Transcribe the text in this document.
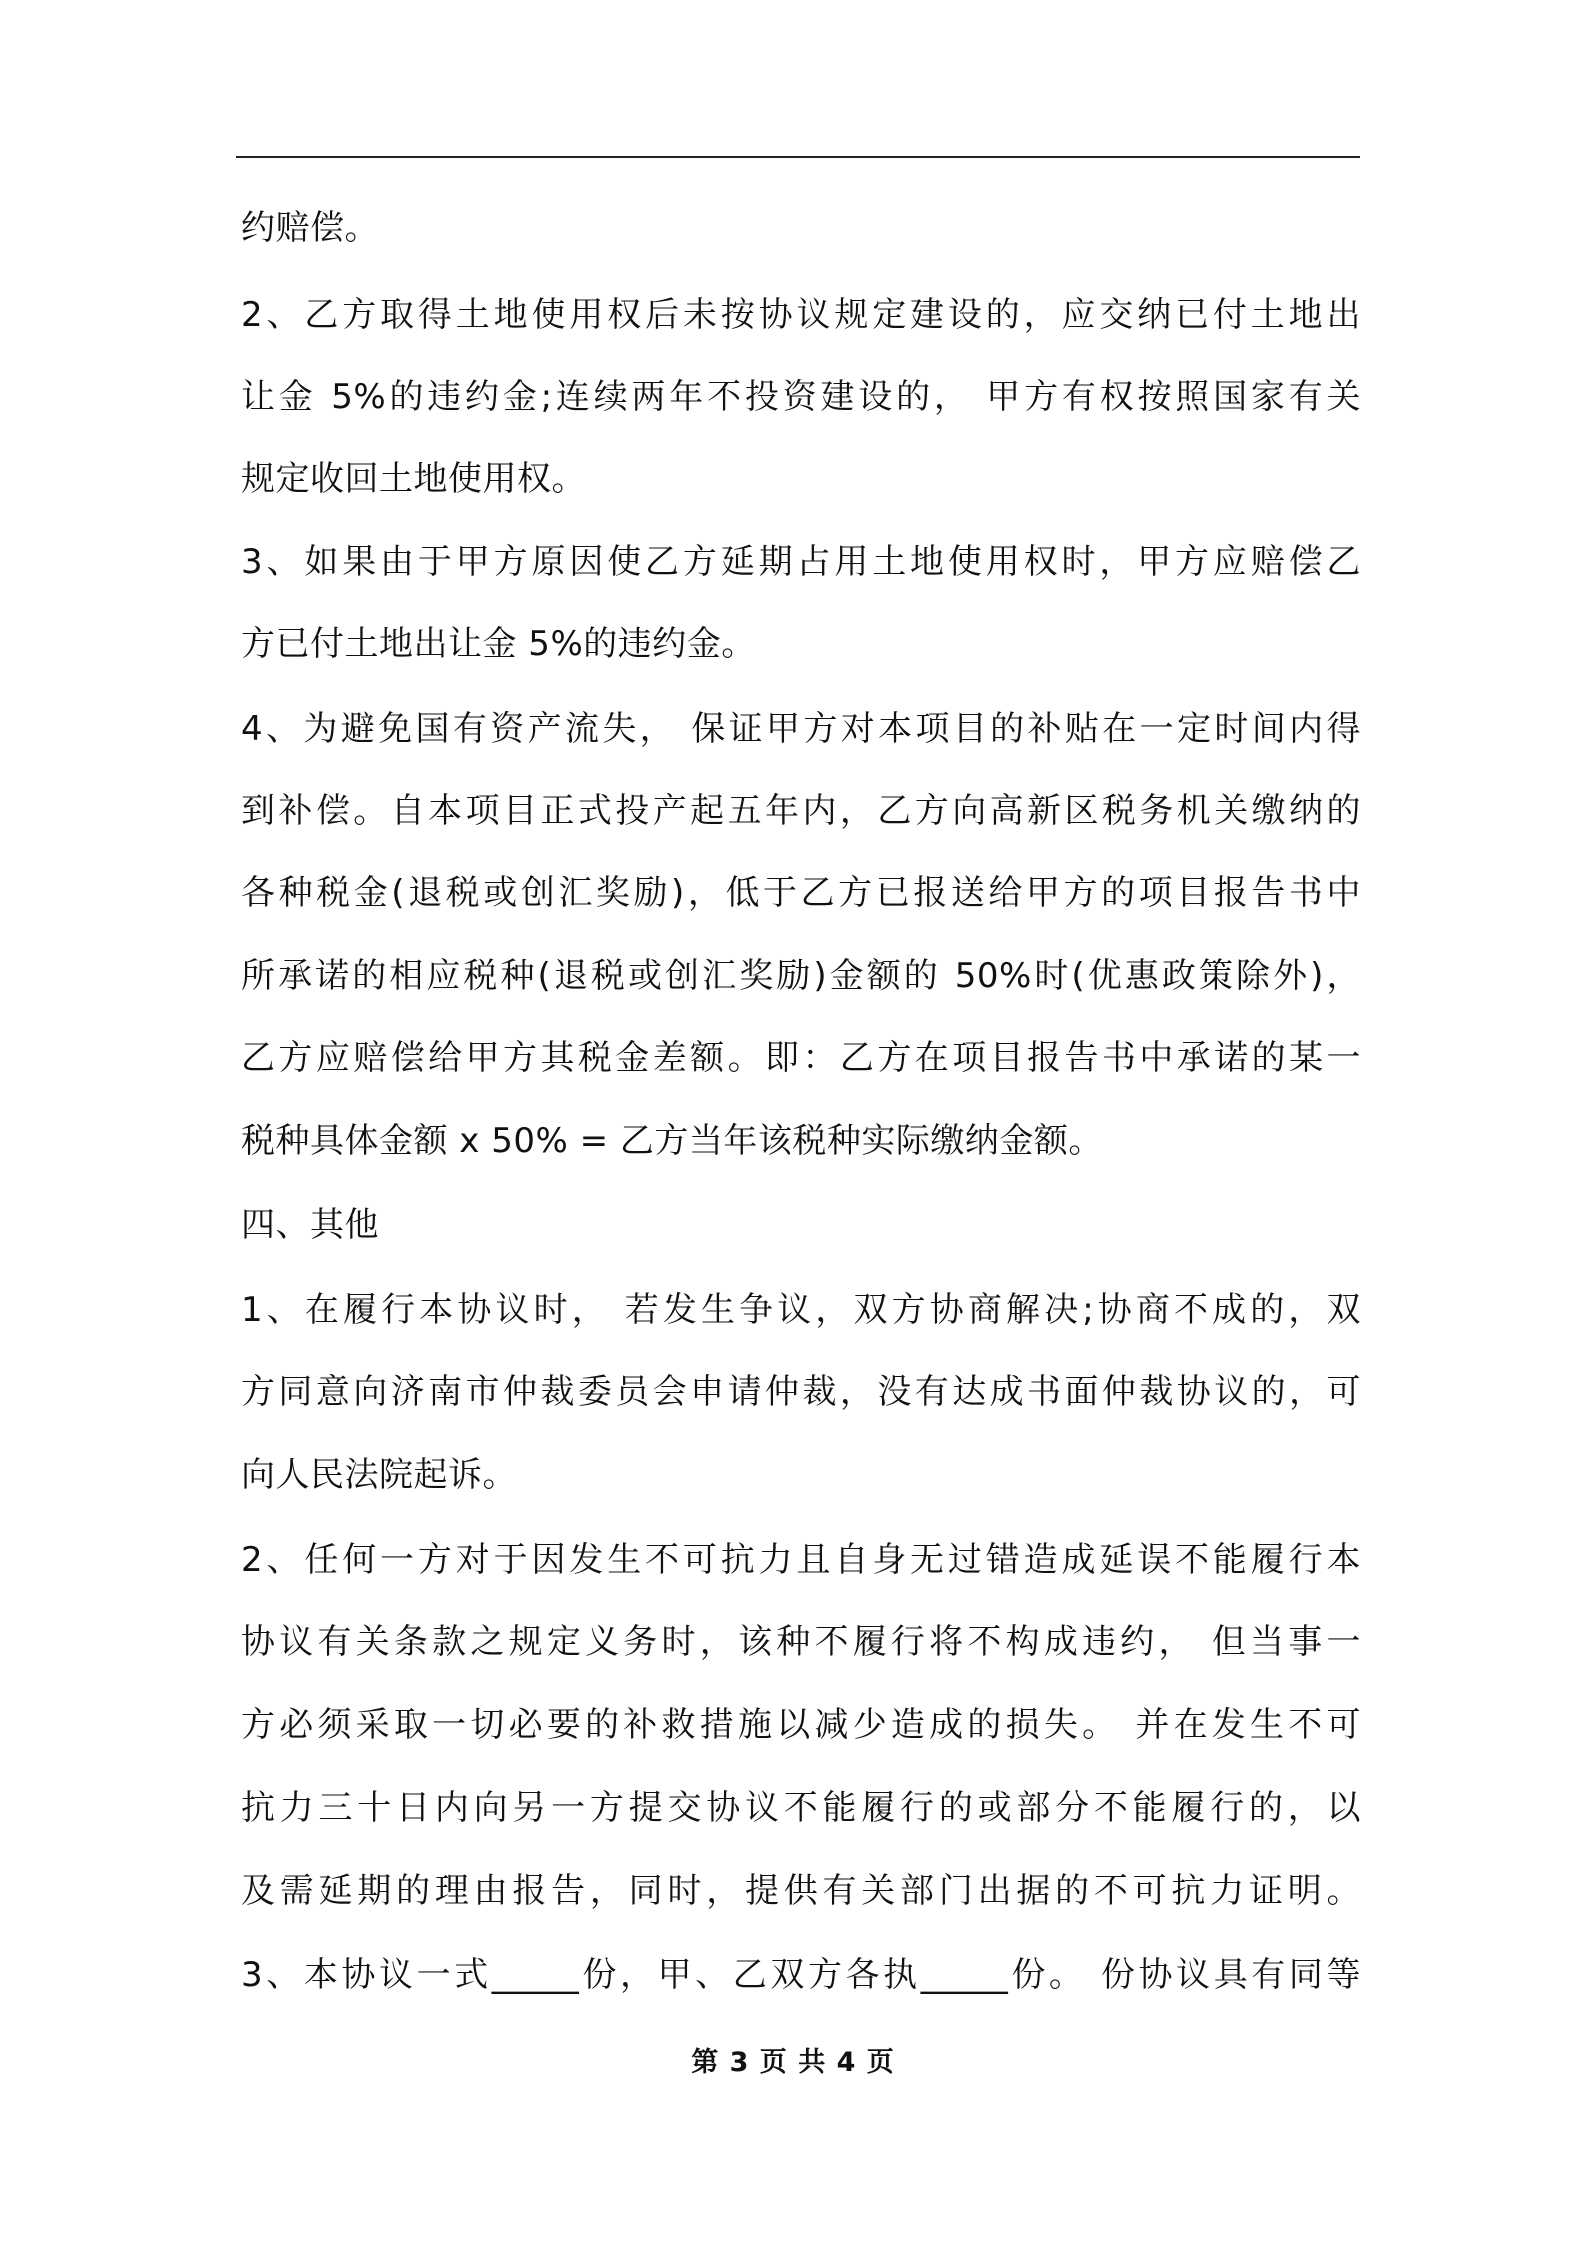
约赔偿。
2、乙方取得土地使用权后未按协议规定建设的，应交纳已付土地出
让金 5%的违约金;连续两年不投资建设的， 甲方有权按照国家有关
规定收回土地使用权。
3、如果由于甲方原因使乙方延期占用土地使用权时，甲方应赔偿乙
方已付土地出让金 5%的违约金。
4、为避免国有资产流失， 保证甲方对本项目的补贴在一定时间内得
到补偿。自本项目正式投产起五年内，乙方向高新区税务机关缴纳的
各种税金(退税或创汇奖励)，低于乙方已报送给甲方的项目报告书中
所承诺的相应税种(退税或创汇奖励)金额的 50%时(优惠政策除外)，
乙方应赔偿给甲方其税金差额。即：乙方在项目报告书中承诺的某一
税种具体金额 x 50% = 乙方当年该税种实际缴纳金额。
四、其他
1、在履行本协议时， 若发生争议，双方协商解决;协商不成的，双
方同意向济南市仲裁委员会申请仲裁，没有达成书面仲裁协议的，可
向人民法院起诉。
2、任何一方对于因发生不可抗力且自身无过错造成延误不能履行本
协议有关条款之规定义务时，该种不履行将不构成违约， 但当事一
方必须采取一切必要的补救措施以减少造成的损失。 并在发生不可
抗力三十日内向另一方提交协议不能履行的或部分不能履行的，以
及需延期的理由报告，同时，提供有关部门出据的不可抗力证明。
3、本协议一式_____份，甲、乙双方各执_____份。 份协议具有同等
第 3 页 共 4 页
